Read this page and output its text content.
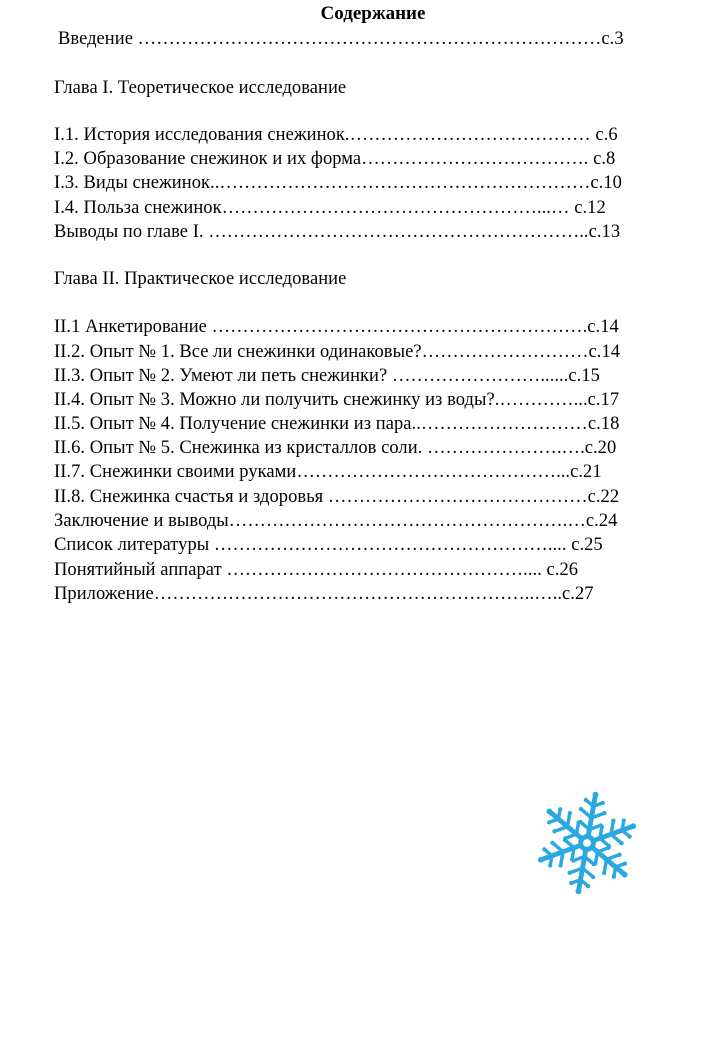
Содержание
Введение …………………………………………………………………с.3
Глава I. Теоретическое исследование
I.1. История исследования снежинок.………………………………… с.6
I.2. Образование снежинок и их форма………………………………. с.8
I.3. Виды снежинок..……………………………………………………с.10
I.4. Польза снежинок……………………………………………...… с.12
Выводы по главе I. ……………………………………………………..с.13
Глава II. Практическое исследование
II.1 Анкетирование …………………………………………………….с.14
II.2. Опыт № 1. Все ли снежинки одинаковые?………………………с.14
II.3. Опыт № 2. Умеют ли петь снежинки? ……………………......с.15
II.4. Опыт № 3. Можно ли получить снежинку из воды?.…………...с.17
II.5. Опыт № 4. Получение снежинки из пара..………………………с.18
II.6. Опыт № 5. Снежинка из кристаллов соли. ………………….….с.20
II.7. Снежинки своими руками……………………………………...с.21
II.8. Снежинка счастья и здоровья ……………………………………с.22
Заключение и выводы……………………………………………….…с.24
Список литературы ……………………………………………….... с.25
Понятийный аппарат ………………………………………….... с.26
Приложение……………………………………………………..…..с.27
